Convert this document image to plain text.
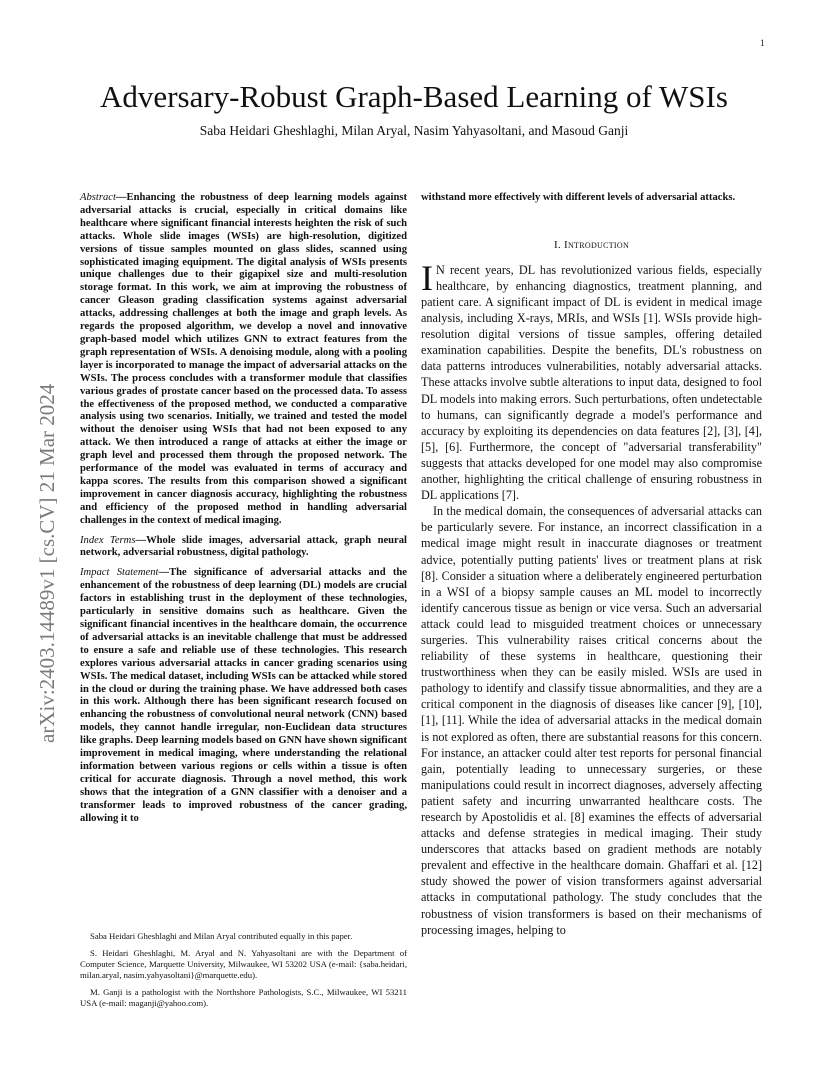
1
arXiv:2403.14489v1 [cs.CV] 21 Mar 2024
Adversary-Robust Graph-Based Learning of WSIs
Saba Heidari Gheshlaghi, Milan Aryal, Nasim Yahyasoltani, and Masoud Ganji

Abstract—Enhancing the robustness of deep learning models against adversarial attacks is crucial, especially in critical domains like healthcare where significant financial interests heighten the risk of such attacks. Whole slide images (WSIs) are high-resolution, digitized versions of tissue samples mounted on glass slides, scanned using sophisticated imaging equipment. The digital analysis of WSIs presents unique challenges due to their gigapixel size and multi-resolution storage format. In this work, we aim at improving the robustness of cancer Gleason grading classification systems against adversarial attacks, addressing challenges at both the image and graph levels. As regards the proposed algorithm, we develop a novel and innovative graph-based model which utilizes GNN to extract features from the graph representation of WSIs. A denoising module, along with a pooling layer is incorporated to manage the impact of adversarial attacks on the WSIs. The process concludes with a transformer module that classifies various grades of prostate cancer based on the processed data. To assess the effectiveness of the proposed method, we conducted a comparative analysis using two scenarios. Initially, we trained and tested the model without the denoiser using WSIs that had not been exposed to any attack. We then introduced a range of attacks at either the image or graph level and processed them through the proposed network. The performance of the model was evaluated in terms of accuracy and kappa scores. The results from this comparison showed a significant improvement in cancer diagnosis accuracy, highlighting the robustness and efficiency of the proposed method in handling adversarial challenges in the context of medical imaging.

Index Terms—Whole slide images, adversarial attack, graph neural network, adversarial robustness, digital pathology.

Impact Statement—The significance of adversarial attacks and the enhancement of the robustness of deep learning (DL) models are crucial factors in establishing trust in the deployment of these technologies, particularly in sensitive domains such as healthcare. Given the significant financial incentives in the healthcare domain, the occurrence of adversarial attacks is an inevitable challenge that must be addressed to ensure a safe and reliable use of these technologies. This research explores various adversarial attacks in cancer grading scenarios using WSIs. The medical dataset, including WSIs can be attacked while stored in the cloud or during the training phase. We have addressed both cases in this work. Although there has been significant research focused on enhancing the robustness of convolutional neural network (CNN) based models, they cannot handle irregular, non-Euclidean data structures like graphs. Deep learning models based on GNN have shown significant improvement in medical imaging, where understanding the relational information between various regions or cells within a tissue is often critical for accurate diagnosis. Through a novel method, this work shows that the integration of a GNN classifier with a denoiser and a transformer leads to improved robustness of the cancer grading, allowing it to

Saba Heidari Gheshlaghi and Milan Aryal contributed equally in this paper.

S. Heidari Gheshlaghi, M. Aryal and N. Yahyasoltani are with the Department of Computer Science, Marquette University, Milwaukee, WI 53202 USA (e-mail: {saba.heidari, milan.aryal, nasim.yahyasoltani}@marquette.edu).

M. Ganji is a pathologist with the Northshore Pathologists, S.C., Milwaukee, WI 53211 USA (e-mail: maganji@yahoo.com).

withstand more effectively with different levels of adversarial attacks.

I. Introduction

I N recent years, DL has revolutionized various fields, especially healthcare, by enhancing diagnostics, treatment planning, and patient care. A significant impact of DL is evident in medical image analysis, including X-rays, MRIs, and WSIs [1]. WSIs provide high-resolution digital versions of tissue samples, offering detailed examination capabilities. Despite the benefits, DL's robustness on data patterns introduces vulnerabilities, notably adversarial attacks. These attacks involve subtle alterations to input data, designed to fool DL models into making errors. Such perturbations, often undetectable to humans, can significantly degrade a model's performance and accuracy by exploiting its dependencies on data features [2], [3], [4], [5], [6]. Furthermore, the concept of "adversarial transferability" suggests that attacks developed for one model may also compromise another, highlighting the critical challenge of ensuring robustness in DL applications [7].

In the medical domain, the consequences of adversarial attacks can be particularly severe. For instance, an incorrect classification in a medical image might result in inaccurate diagnoses or treatment advice, potentially putting patients' lives or treatment plans at risk [8]. Consider a situation where a deliberately engineered perturbation in a WSI of a biopsy sample causes an ML model to incorrectly identify cancerous tissue as benign or vice versa. Such an adversarial attack could lead to misguided treatment choices or unnecessary surgeries. This vulnerability raises critical concerns about the reliability of these systems in healthcare, questioning their trustworthiness when they can be easily misled. WSIs are used in pathology to identify and classify tissue abnormalities, and they are a critical component in the diagnosis of diseases like cancer [9], [10], [1], [11]. While the idea of adversarial attacks in the medical domain is not explored as often, there are substantial reasons for this concern. For instance, an attacker could alter test reports for personal financial gain, potentially leading to unnecessary surgeries, or these manipulations could result in incorrect diagnoses, adversely affecting patient safety and incurring unwarranted healthcare costs. The research by Apostolidis et al. [8] examines the effects of adversarial attacks and defense strategies in medical imaging. Their study underscores that attacks based on gradient methods are notably prevalent and effective in the healthcare domain. Ghaffari et al. [12] study showed the power of vision transformers against adversarial attacks in computational pathology. The study concludes that the robustness of vision transformers is based on their mechanisms of processing images, helping to
